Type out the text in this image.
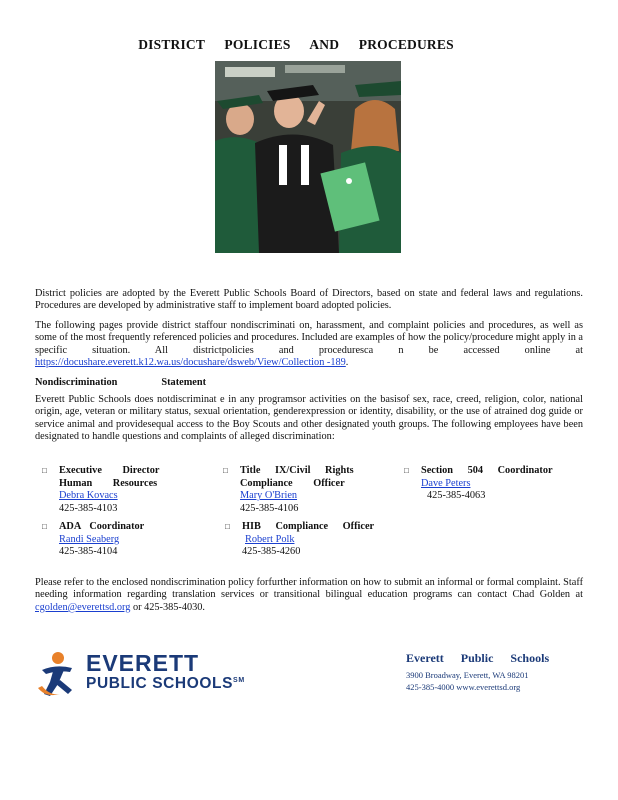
DISTRICT POLICIES AND PROCEDURES
District policies are adopted by the Everett Public Schools Board of Directors, based on state and federal laws and regulations. Procedures are developed by administrative staff to implement board adopted policies.
The following pages provide district staffour nondiscriminati on, harassment, and complaint policies and procedures, as well as some of the most frequently referenced policies and procedures. Included are examples of how the policy/procedure might apply in a specific situation. All districtpolicies and proceduresca n be accessed online at https://docushare.everett.k12.wa.us/docushare/dsweb/View/Collection -189.
Nondiscrimination	Statement
Everett Public Schools does notdiscriminat e in any programsor activities on the basisof sex, race, creed, religion, color, national origin, age, veteran or military status, sexual orientation, genderexpression or identity, disability, or the use of atrained dog guide or service animal and providesequal access to the Boy Scouts and other designated youth groups. The following employees have been designated to handle questions and complaints of alleged discrimination:
□ Executive Director
Human Resources
Debra Kovacs
425-385-4103
□ Title IX/Civil Rights
Compliance Officer
Mary O'Brien
425-385-4106
□ Section 504 Coordinator
Dave Peters
425-385-4063
□ ADA Coordinator
Randi Seaberg
425-385-4104
□ HIB Compliance Officer
Robert Polk
425-385-4260
Please refer to the enclosed nondiscrimination policy forfurther information on how to submit an informal or formal complaint. Staff needing information regarding translation services or transitional bilingual education programs can contact Chad Golden at cgolden@everettsd.org or 425-385-4030.
EVERETT
PUBLIC SCHOOLS℠
Everett Public Schools
3900 Broadway, Everett, WA 98201
425-385-4000 www.everettsd.org
